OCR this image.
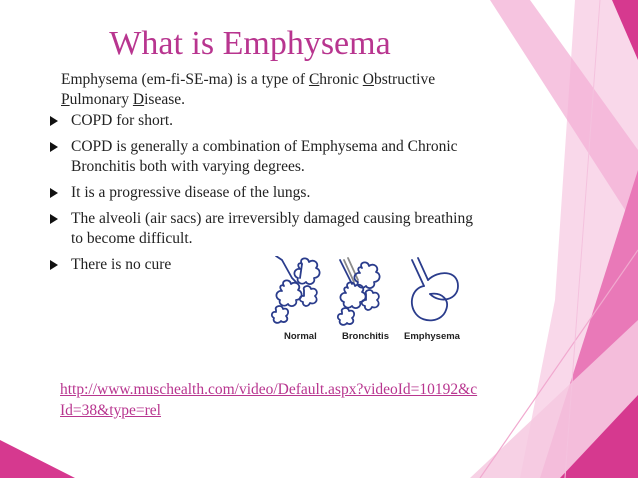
What is Emphysema
Emphysema (em-fi-SE-ma) is a type of Chronic Obstructive
Pulmonary Disease.
COPD for short.
COPD is generally a combination of Emphysema and Chronic Bronchitis both with varying degrees.
It is a progressive disease of the lungs.
The alveoli (air sacs) are irreversibly damaged causing breathing to become difficult.
There is no cure
Normal	Bronchitis Emphysema
http://www.muschealth.com/video/Default.aspx?videoId=10192&cId=38&type=rel
